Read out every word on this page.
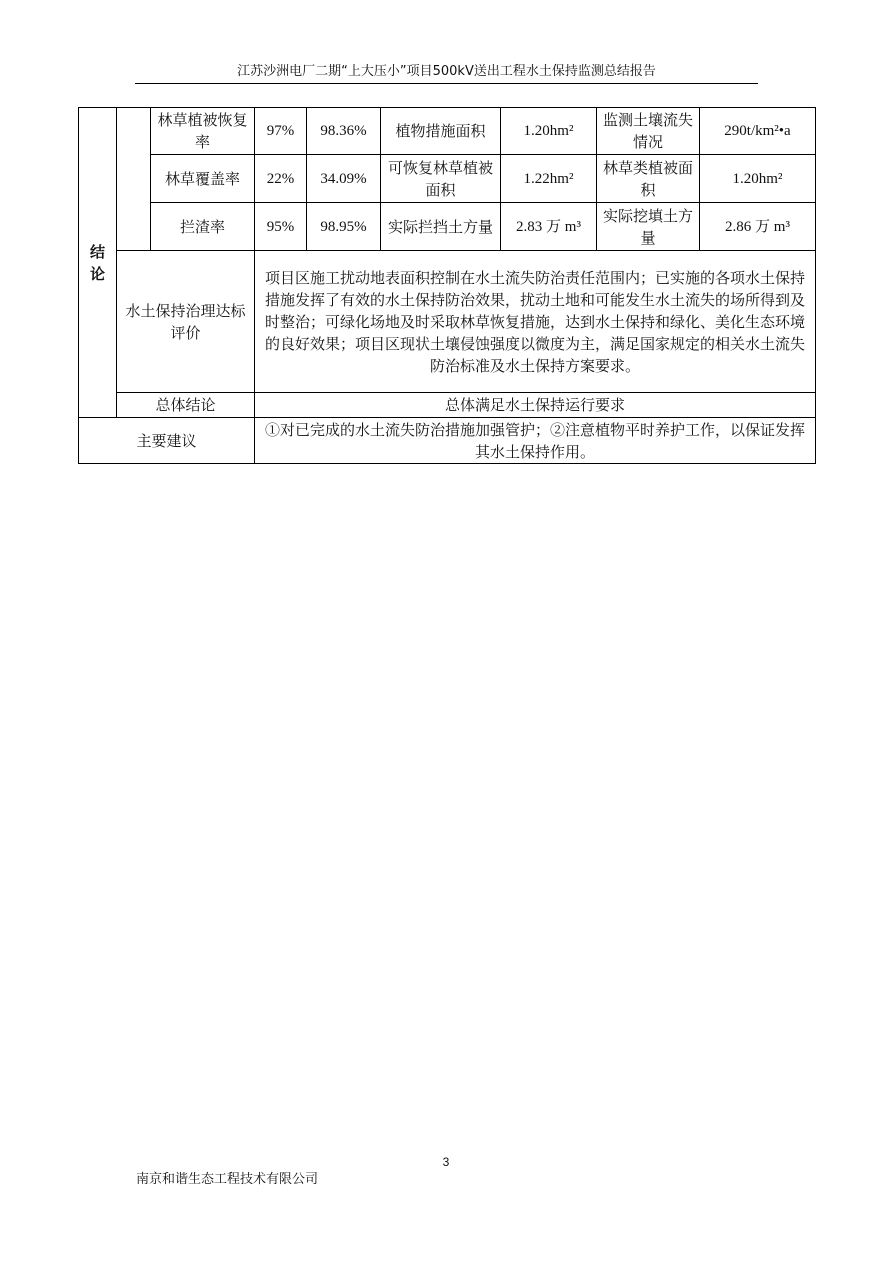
江苏沙洲电厂二期“上大压小”项目500kV送出工程水土保持监测总结报告
结论		林草植被恢复率	97%	98.36%	植物措施面积	1.20hm²	监测土壤流失情况	290t/km²•a
		林草覆盖率	22%	34.09%	可恢复林草植被面积	1.22hm²	林草类植被面积	1.20hm²
		拦渣率	95%	98.95%	实际拦挡土方量	2.83 万 m³	实际挖填土方量	2.86 万 m³
	水土保持治理达标评价		项目区施工扰动地表面积控制在水土流失防治责任范围内；已实施的各项水土保持措施发挥了有效的水土保持防治效果，扰动土地和可能发生水土流失的场所得到及时整治；可绿化场地及时采取林草恢复措施，达到水土保持和绿化、美化生态环境的良好效果；项目区现状土壤侵蚀强度以微度为主，满足国家规定的相关水土流失防治标准及水土保持方案要求。					
	总体结论		总体满足水土保持运行要求					
主要建议			①对已完成的水土流失防治措施加强管护；②注意植物平时养护工作，以保证发挥其水土保持作用。					
3
南京和谐生态工程技术有限公司
